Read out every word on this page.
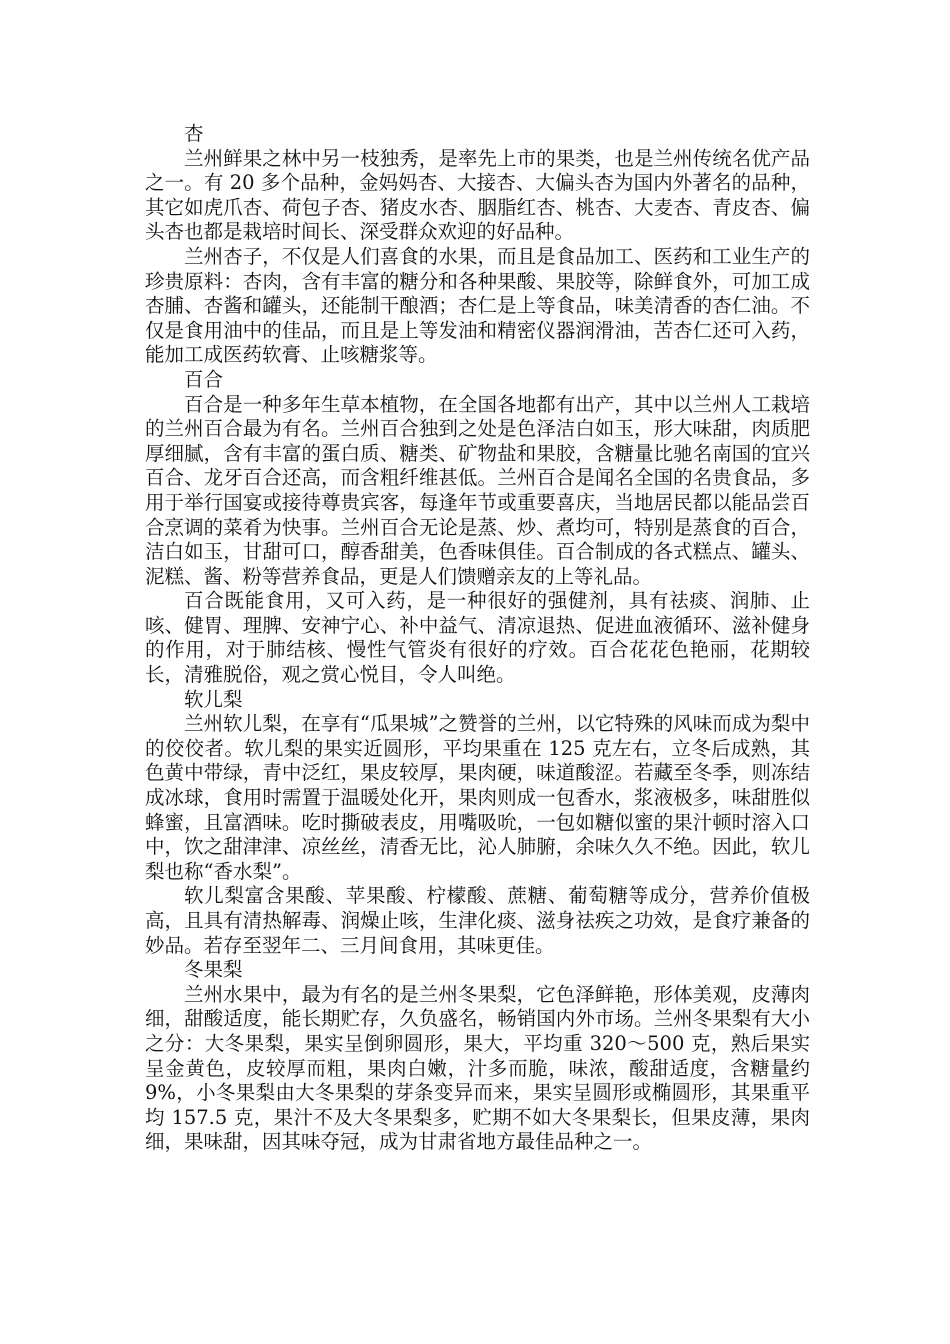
杏

兰州鲜果之林中另一枝独秀，是率先上市的果类，也是兰州传统名优产品之一。有 20 多个品种，金妈妈杏、大接杏、大偏头杏为国内外著名的品种，其它如虎爪杏、荷包子杏、猪皮水杏、胭脂红杏、桃杏、大麦杏、青皮杏、偏头杏也都是栽培时间长、深受群众欢迎的好品种。

兰州杏子，不仅是人们喜食的水果，而且是食品加工、医药和工业生产的珍贵原料：杏肉，含有丰富的糖分和各种果酸、果胶等，除鲜食外，可加工成杏脯、杏酱和罐头，还能制干酿酒；杏仁是上等食品，味美清香的杏仁油。不仅是食用油中的佳品，而且是上等发油和精密仪器润滑油，苦杏仁还可入药，能加工成医药软膏、止咳糖浆等。

百合

百合是一种多年生草本植物，在全国各地都有出产，其中以兰州人工栽培的兰州百合最为有名。兰州百合独到之处是色泽洁白如玉，形大味甜，肉质肥厚细腻，含有丰富的蛋白质、糖类、矿物盐和果胶，含糖量比驰名南国的宜兴百合、龙牙百合还高，而含粗纤维甚低。兰州百合是闻名全国的名贵食品，多用于举行国宴或接待尊贵宾客，每逢年节或重要喜庆，当地居民都以能品尝百合烹调的菜肴为快事。兰州百合无论是蒸、炒、煮均可，特别是蒸食的百合，洁白如玉，甘甜可口，醇香甜美，色香味俱佳。百合制成的各式糕点、罐头、泥糕、酱、粉等营养食品，更是人们馈赠亲友的上等礼品。

百合既能食用，又可入药，是一种很好的强健剂，具有祛痰、润肺、止咳、健胃、理脾、安神宁心、补中益气、清凉退热、促进血液循环、滋补健身的作用，对于肺结核、慢性气管炎有很好的疗效。百合花花色艳丽，花期较长，清雅脱俗，观之赏心悦目，令人叫绝。

软儿梨

兰州软儿梨，在享有“瓜果城”之赞誉的兰州，以它特殊的风味而成为梨中的佼佼者。软儿梨的果实近圆形，平均果重在 125 克左右，立冬后成熟，其色黄中带绿，青中泛红，果皮较厚，果肉硬，味道酸涩。若藏至冬季，则冻结成冰球，食用时需置于温暖处化开，果肉则成一包香水，浆液极多，味甜胜似蜂蜜，且富酒味。吃时撕破表皮，用嘴吸吮，一包如糖似蜜的果汁顿时溶入口中，饮之甜津津、凉丝丝，清香无比，沁人肺腑，余味久久不绝。因此，软儿梨也称“香水梨”。

软儿梨富含果酸、苹果酸、柠檬酸、蔗糖、葡萄糖等成分，营养价值极高，且具有清热解毒、润燥止咳，生津化痰、滋身祛疾之功效，是食疗兼备的妙品。若存至翌年二、三月间食用，其味更佳。

冬果梨

兰州水果中，最为有名的是兰州冬果梨，它色泽鲜艳，形体美观，皮薄肉细，甜酸适度，能长期贮存，久负盛名，畅销国内外市场。兰州冬果梨有大小之分：大冬果梨，果实呈倒卵圆形，果大，平均重 320～500 克，熟后果实呈金黄色，皮较厚而粗，果肉白嫩，汁多而脆，味浓，酸甜适度，含糖量约 9%，小冬果梨由大冬果梨的芽条变异而来，果实呈圆形或椭圆形，其果重平均 157.5 克，果汁不及大冬果梨多，贮期不如大冬果梨长，但果皮薄，果肉细，果味甜，因其味夺冠，成为甘肃省地方最佳品种之一。
